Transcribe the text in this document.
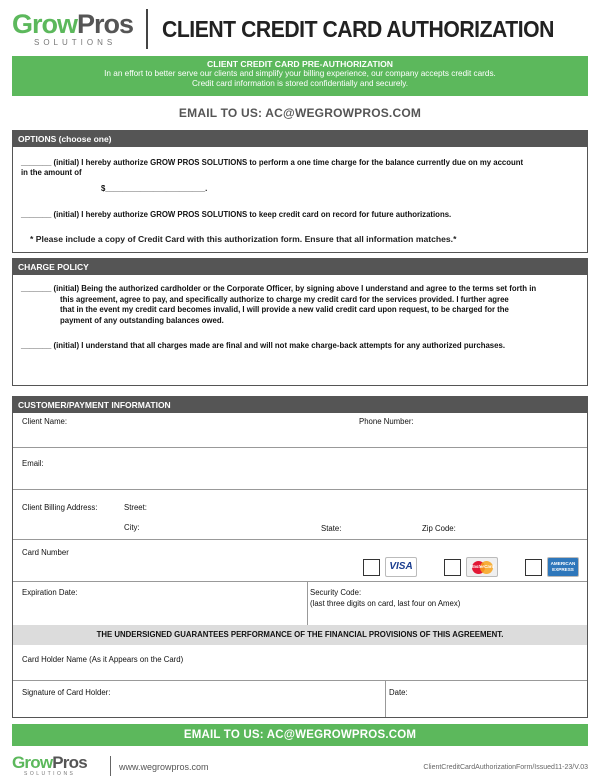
GrowPros
SOLUTIONS
CLIENT CREDIT CARD AUTHORIZATION
CLIENT CREDIT CARD PRE-AUTHORIZATION
In an effort to better serve our clients and simplify your billing experience, our company accepts credit cards.
Credit card information is stored confidentially and securely.
EMAIL TO US: AC@WEGROWPROS.COM
OPTIONS (choose one)
_______ (initial) I hereby authorize GROW PROS SOLUTIONS to perform a one time charge for the balance currently due on my account
in the amount of
$_______________________.
_______ (initial) I hereby authorize GROW PROS SOLUTIONS to keep credit card on record for future authorizations.
* Please include a copy of Credit Card with this authorization form. Ensure that all information matches.*
CHARGE POLICY
_______ (initial) Being the authorized cardholder or the Corporate Officer, by signing above I understand and agree to the terms set forth in
this agreement, agree to pay, and specifically authorize to charge my credit card for the services provided. I further agree
that in the event my credit card becomes invalid, I will provide a new valid credit card upon request, to be charged for the
payment of any outstanding balances owed.
_______ (initial) I understand that all charges made are final and will not make charge-back attempts for any authorized purchases.
CUSTOMER/PAYMENT INFORMATION
Client Name:	Phone Number:
Email:
Client Billing Address:	Street:
City:	State:	Zip Code:
Card Number
VISA	MasterCard
AMERICAN EXPRESS
Expiration Date:	Security Code:
(last three digits on card, last four on Amex)
THE UNDERSIGNED GUARANTEES PERFORMANCE OF THE FINANCIAL PROVISIONS OF THIS AGREEMENT.
Card Holder Name (As it Appears on the Card)
Signature of Card Holder:	Date:
EMAIL TO US: AC@WEGROWPROS.COM
GrowPros
SOLUTIONS
www.wegrowpros.com	ClientCreditCardAuthorizationForm/Issued11-23/V.03
